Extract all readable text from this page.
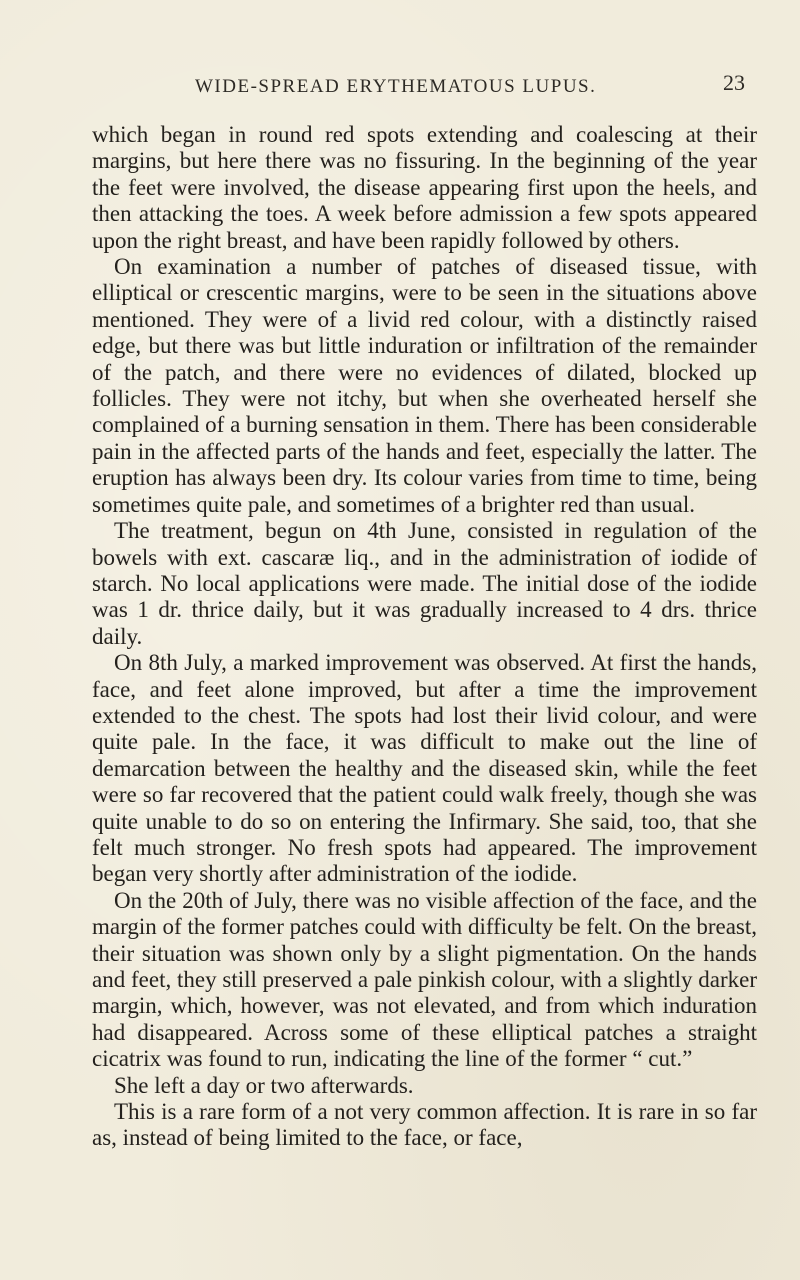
WIDE-SPREAD ERYTHEMATOUS LUPUS.	23

which began in round red spots extending and coalescing at their margins, but here there was no fissuring. In the beginning of the year the feet were involved, the disease appearing first upon the heels, and then attacking the toes. A week before admission a few spots appeared upon the right breast, and have been rapidly followed by others.

On examination a number of patches of diseased tissue, with elliptical or crescentic margins, were to be seen in the situations above mentioned. They were of a livid red colour, with a distinctly raised edge, but there was but little induration or infiltration of the remainder of the patch, and there were no evidences of dilated, blocked up follicles. They were not itchy, but when she overheated herself she complained of a burning sensation in them. There has been considerable pain in the affected parts of the hands and feet, especially the latter. The eruption has always been dry. Its colour varies from time to time, being sometimes quite pale, and sometimes of a brighter red than usual.

The treatment, begun on 4th June, consisted in regulation of the bowels with ext. cascaræ liq., and in the administration of iodide of starch. No local applications were made. The initial dose of the iodide was 1 dr. thrice daily, but it was gradually increased to 4 drs. thrice daily.

On 8th July, a marked improvement was observed. At first the hands, face, and feet alone improved, but after a time the improvement extended to the chest. The spots had lost their livid colour, and were quite pale. In the face, it was difficult to make out the line of demarcation between the healthy and the diseased skin, while the feet were so far recovered that the patient could walk freely, though she was quite unable to do so on entering the Infirmary. She said, too, that she felt much stronger. No fresh spots had appeared. The improvement began very shortly after administration of the iodide.

On the 20th of July, there was no visible affection of the face, and the margin of the former patches could with difficulty be felt. On the breast, their situation was shown only by a slight pigmentation. On the hands and feet, they still preserved a pale pinkish colour, with a slightly darker margin, which, however, was not elevated, and from which induration had disappeared. Across some of these elliptical patches a straight cicatrix was found to run, indicating the line of the former “ cut.”

She left a day or two afterwards.

This is a rare form of a not very common affection. It is rare in so far as, instead of being limited to the face, or face,
